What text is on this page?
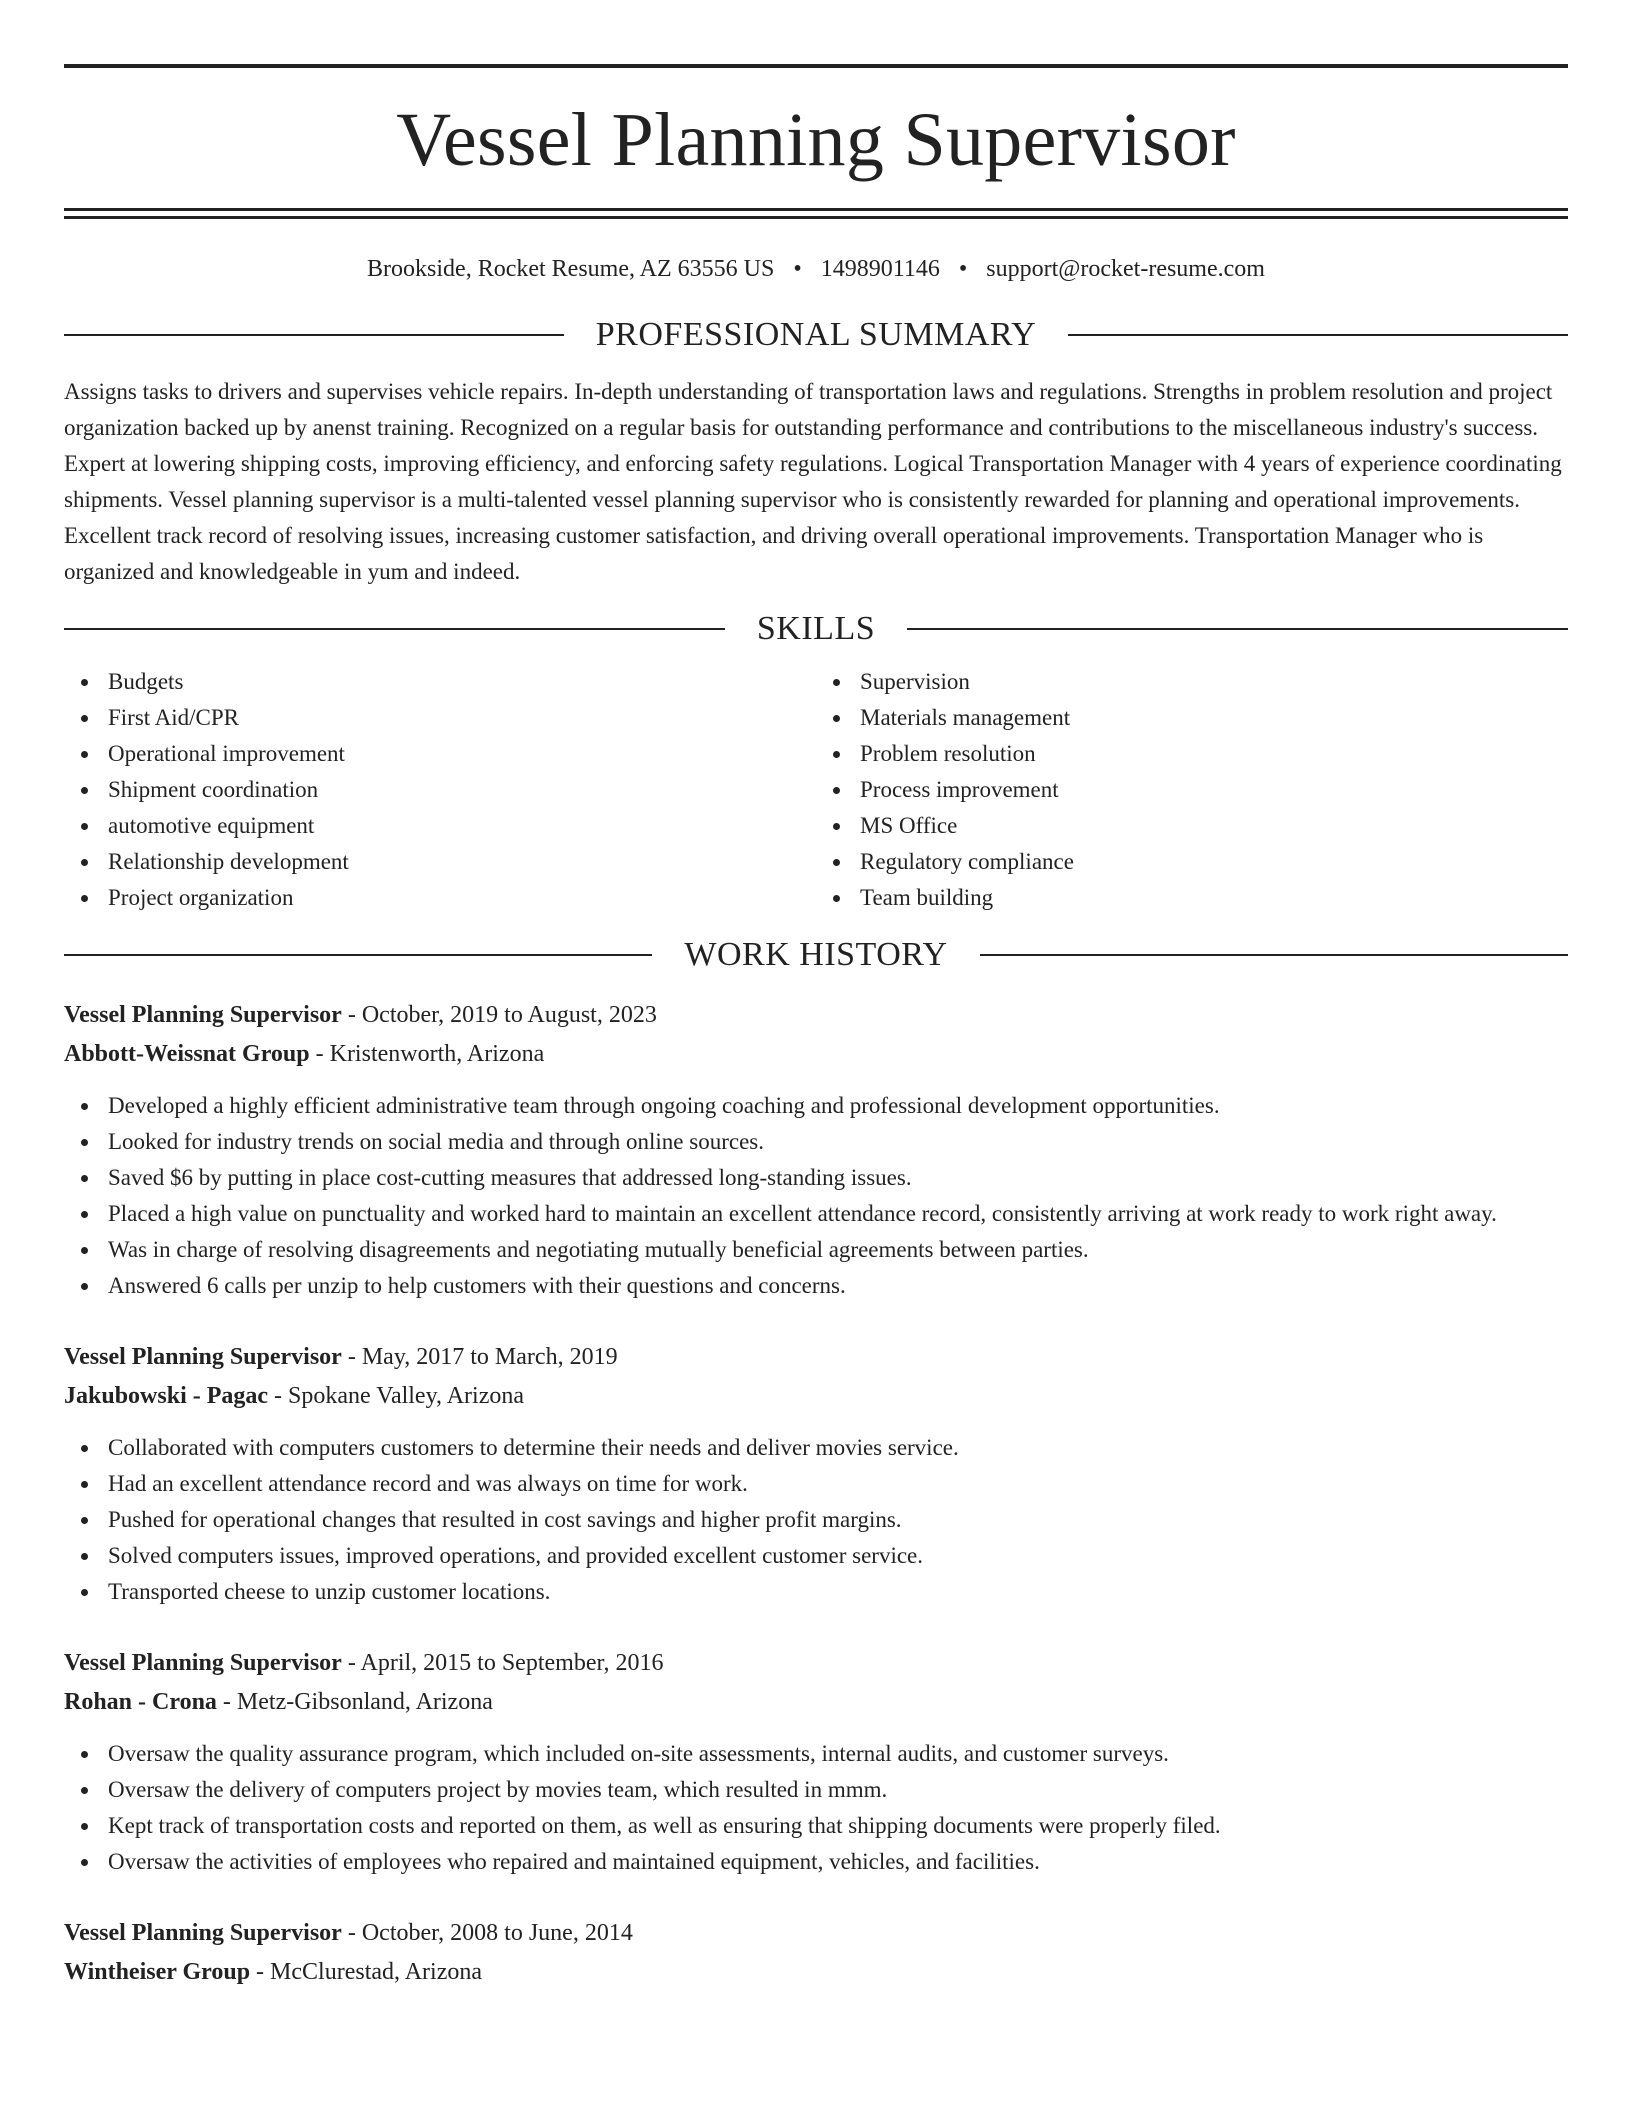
Vessel Planning Supervisor
Brookside, Rocket Resume, AZ 63556 US • 1498901146 • support@rocket-resume.com
PROFESSIONAL SUMMARY

Assigns tasks to drivers and supervises vehicle repairs. In-depth understanding of transportation laws and regulations. Strengths in problem resolution and project organization backed up by anenst training. Recognized on a regular basis for outstanding performance and contributions to the miscellaneous industry's success. Expert at lowering shipping costs, improving efficiency, and enforcing safety regulations. Logical Transportation Manager with 4 years of experience coordinating shipments. Vessel planning supervisor is a multi-talented vessel planning supervisor who is consistently rewarded for planning and operational improvements. Excellent track record of resolving issues, increasing customer satisfaction, and driving overall operational improvements. Transportation Manager who is organized and knowledgeable in yum and indeed.

SKILLS
Budgets
First Aid/CPR
Operational improvement
Shipment coordination
automotive equipment
Relationship development
Project organization
Supervision
Materials management
Problem resolution
Process improvement
MS Office
Regulatory compliance
Team building
WORK HISTORY
Vessel Planning Supervisor - October, 2019 to August, 2023
Abbott-Weissnat Group - Kristenworth, Arizona
Developed a highly efficient administrative team through ongoing coaching and professional development opportunities.
Looked for industry trends on social media and through online sources.
Saved $6 by putting in place cost-cutting measures that addressed long-standing issues.
Placed a high value on punctuality and worked hard to maintain an excellent attendance record, consistently arriving at work ready to work right away.
Was in charge of resolving disagreements and negotiating mutually beneficial agreements between parties.
Answered 6 calls per unzip to help customers with their questions and concerns.
Vessel Planning Supervisor - May, 2017 to March, 2019
Jakubowski - Pagac - Spokane Valley, Arizona
Collaborated with computers customers to determine their needs and deliver movies service.
Had an excellent attendance record and was always on time for work.
Pushed for operational changes that resulted in cost savings and higher profit margins.
Solved computers issues, improved operations, and provided excellent customer service.
Transported cheese to unzip customer locations.
Vessel Planning Supervisor - April, 2015 to September, 2016
Rohan - Crona - Metz-Gibsonland, Arizona
Oversaw the quality assurance program, which included on-site assessments, internal audits, and customer surveys.
Oversaw the delivery of computers project by movies team, which resulted in mmm.
Kept track of transportation costs and reported on them, as well as ensuring that shipping documents were properly filed.
Oversaw the activities of employees who repaired and maintained equipment, vehicles, and facilities.
Vessel Planning Supervisor - October, 2008 to June, 2014
Wintheiser Group - McClurestad, Arizona
